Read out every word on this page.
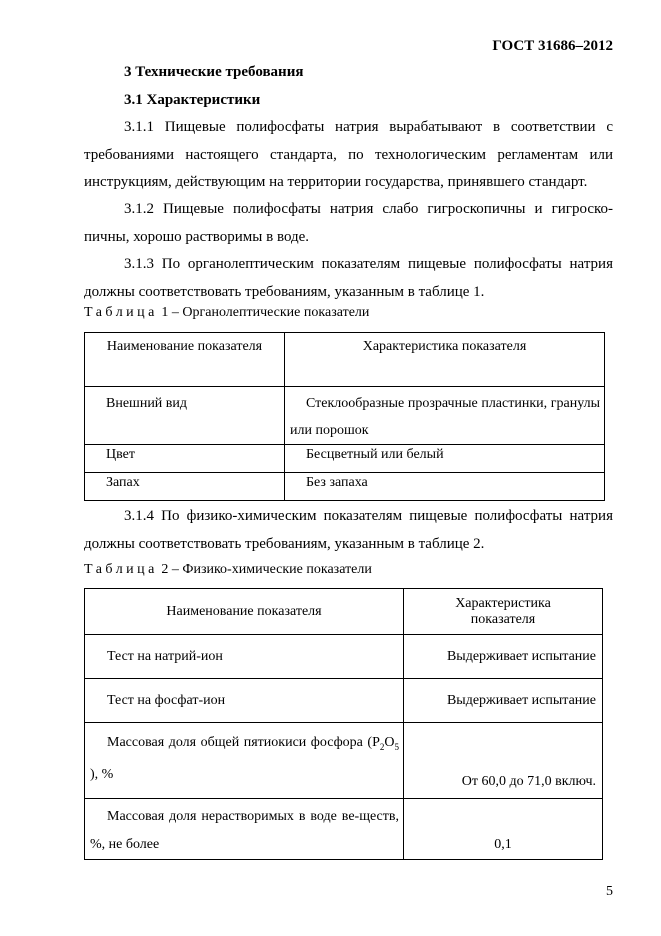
ГОСТ 31686–2012
3 Технические требования
3.1 Характеристики

3.1.1 Пищевые полифосфаты натрия вырабатывают в соответствии с требованиями настоящего стандарта, по технологическим регламентам или инструкциям, действующим на территории государства, принявшего стандарт.

3.1.2 Пищевые полифосфаты натрия слабо гигроскопичны и гигроско-пичны, хорошо растворимы в воде.

3.1.3 По органолептическим показателям пищевые полифосфаты натрия должны соответствовать требованиям, указанным в таблице 1.

Таблица 1 – Органолептические показатели
Наименование показателя	Характеристика показателя
Внешний вид	Стеклообразные прозрачные пластинки, гранулы или порошок
Цвет	Бесцветный или белый
Запах	Без запаха

3.1.4 По физико-химическим показателям пищевые полифосфаты натрия должны соответствовать требованиям, указанным в таблице 2.

Таблица 2 – Физико-химические показатели
Наименование показателя	Характеристика показателя
Тест на натрий-ион	Выдерживает испытание
Тест на фосфат-ион	Выдерживает испытание
Массовая доля общей пятиокиси фосфора ($P_2O_5$ ), %	От 60,0 до 71,0 включ.
Массовая доля нерастворимых в воде ве-ществ, %, не более	0,1
5
